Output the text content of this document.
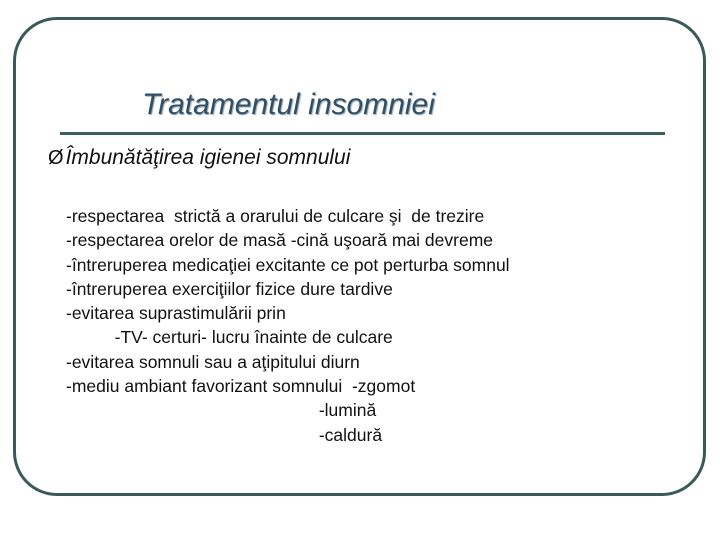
Tratamentul insomniei
Ø Îmbunătăţirea igienei somnului
-respectarea  strictă a orarului de culcare şi  de trezire
-respectarea orelor de masă -cină uşoară mai devreme
-întreruperea medicaţiei excitante ce pot perturba somnul
-întreruperea exerciţiilor fizice dure tardive
-evitarea suprastimulării prin
-TV- certuri- lucru înainte de culcare
-evitarea somnuli sau a aţipitului diurn
-mediu ambiant favorizant somnului  -zgomot
-lumină
-caldură
